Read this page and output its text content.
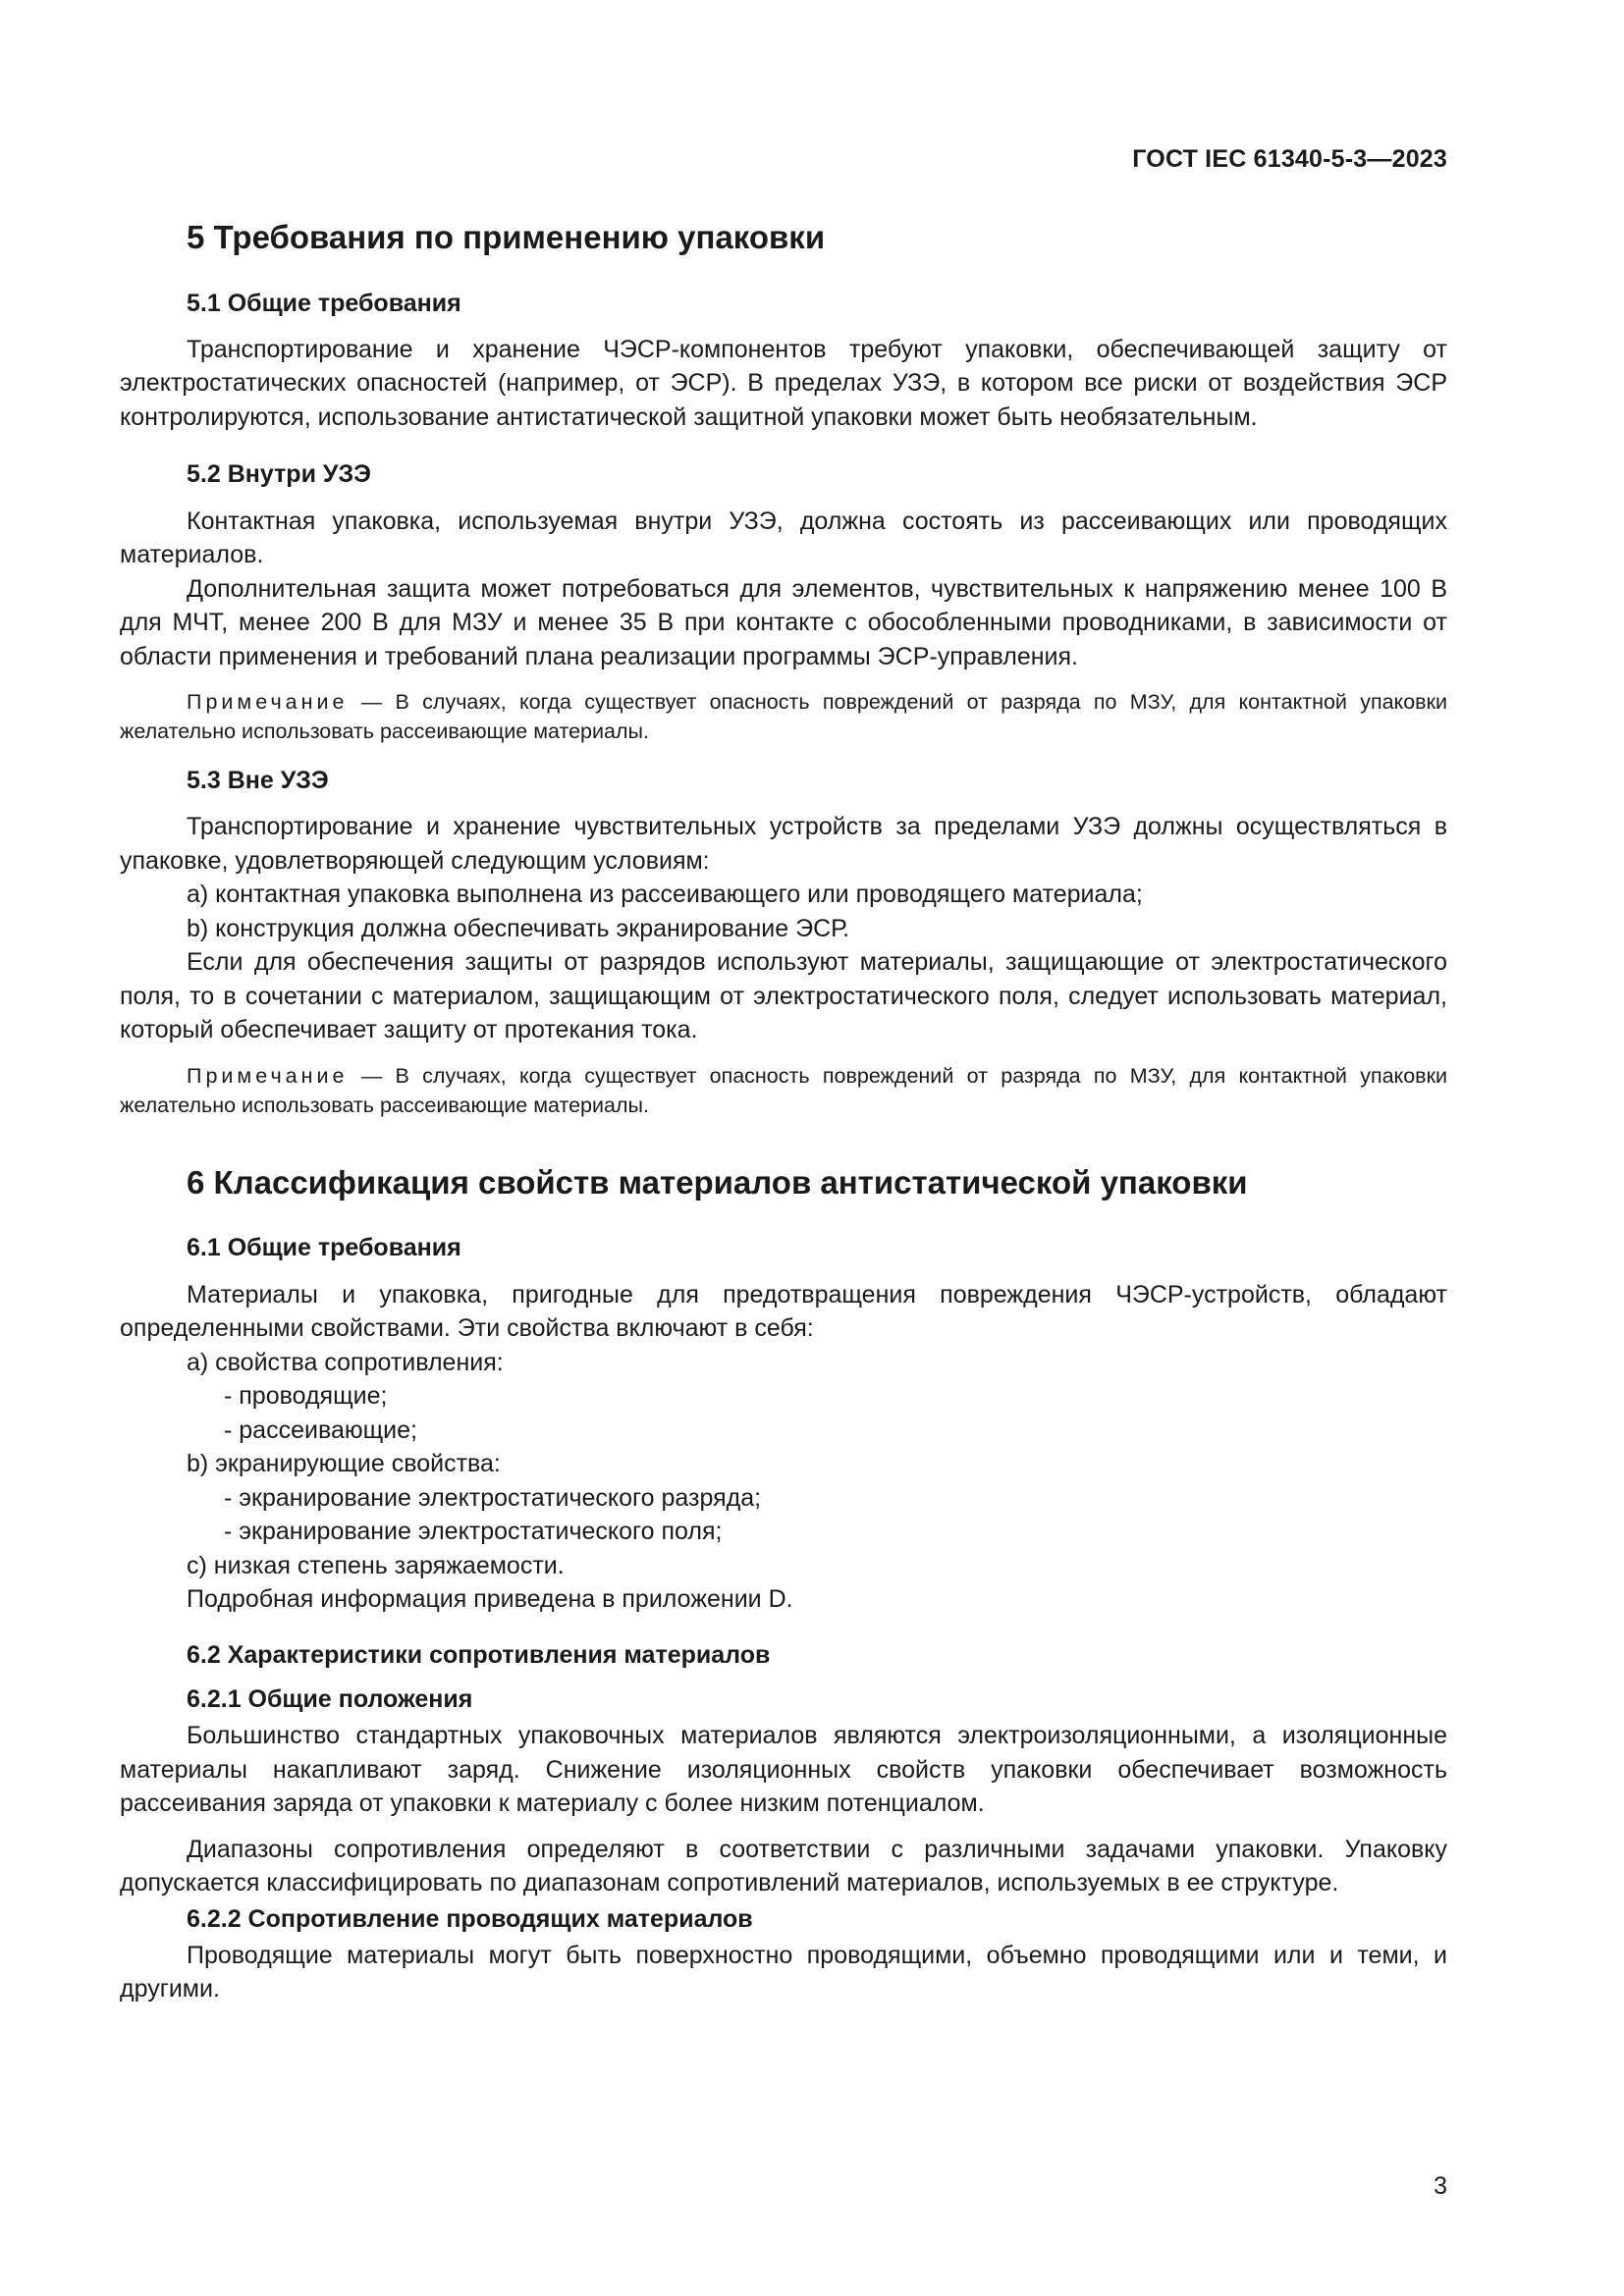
ГОСТ IEC 61340-5-3—2023
5 Требования по применению упаковки
5.1 Общие требования

Транспортирование и хранение ЧЭСР-компонентов требуют упаковки, обеспечивающей защиту от электростатических опасностей (например, от ЭСР). В пределах УЗЭ, в котором все риски от воздействия ЭСР контролируются, использование антистатической защитной упаковки может быть необязательным.

5.2 Внутри УЗЭ

Контактная упаковка, используемая внутри УЗЭ, должна состоять из рассеивающих или проводящих материалов.

Дополнительная защита может потребоваться для элементов, чувствительных к напряжению менее 100 В для МЧТ, менее 200 В для МЗУ и менее 35 В при контакте с обособленными проводниками, в зависимости от области применения и требований плана реализации программы ЭСР-управления.

Примечание — В случаях, когда существует опасность повреждений от разряда по МЗУ, для контактной упаковки желательно использовать рассеивающие материалы.

5.3 Вне УЗЭ

Транспортирование и хранение чувствительных устройств за пределами УЗЭ должны осуществляться в упаковке, удовлетворяющей следующим условиям:

a) контактная упаковка выполнена из рассеивающего или проводящего материала;

b) конструкция должна обеспечивать экранирование ЭСР.

Если для обеспечения защиты от разрядов используют материалы, защищающие от электростатического поля, то в сочетании с материалом, защищающим от электростатического поля, следует использовать материал, который обеспечивает защиту от протекания тока.

Примечание — В случаях, когда существует опасность повреждений от разряда по МЗУ, для контактной упаковки желательно использовать рассеивающие материалы.

6 Классификация свойств материалов антистатической упаковки
6.1 Общие требования

Материалы и упаковка, пригодные для предотвращения повреждения ЧЭСР-устройств, обладают определенными свойствами. Эти свойства включают в себя:

a) свойства сопротивления:

- проводящие;

- рассеивающие;

b) экранирующие свойства:

- экранирование электростатического разряда;

- экранирование электростатического поля;

c) низкая степень заряжаемости.

Подробная информация приведена в приложении D.

6.2 Характеристики сопротивления материалов
6.2.1 Общие положения

Большинство стандартных упаковочных материалов являются электроизоляционными, а изоляционные материалы накапливают заряд. Снижение изоляционных свойств упаковки обеспечивает возможность рассеивания заряда от упаковки к материалу с более низким потенциалом.

Диапазоны сопротивления определяют в соответствии с различными задачами упаковки. Упаковку допускается классифицировать по диапазонам сопротивлений материалов, используемых в ее структуре.

6.2.2 Сопротивление проводящих материалов

Проводящие материалы могут быть поверхностно проводящими, объемно проводящими или и теми, и другими.

3
